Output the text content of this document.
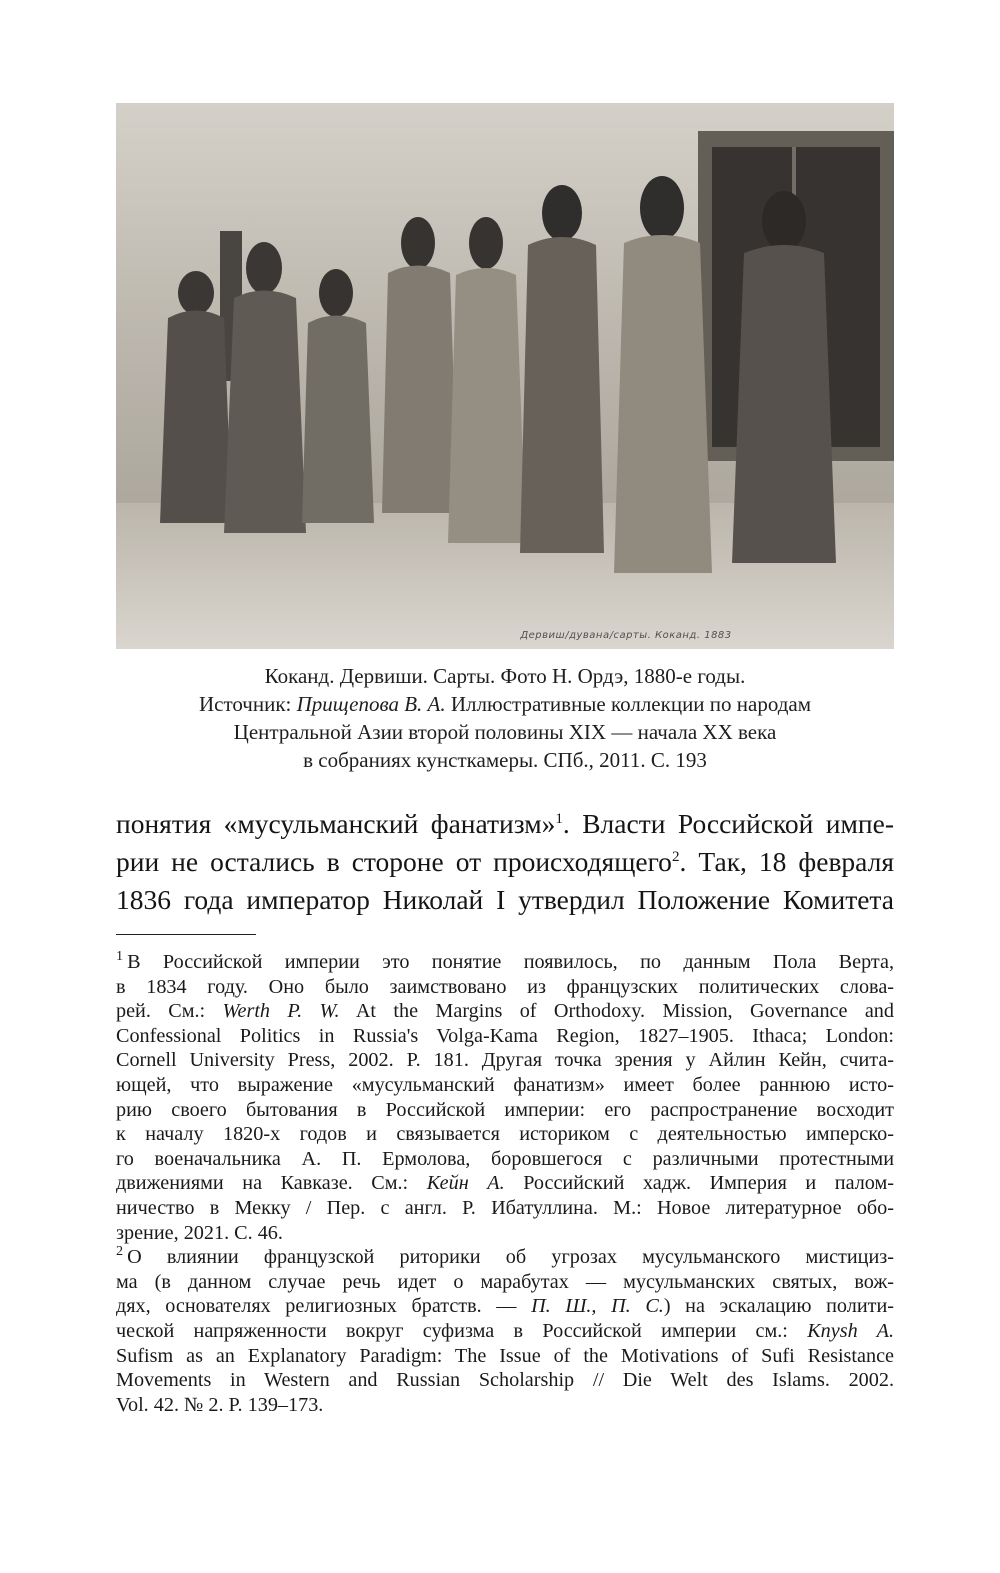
Дервиш/дувана/сарты. Коканд. 1883
Коканд. Дервиши. Сарты. Фото Н. Ордэ, 1880-е годы.
Источник: Прищепова В. А. Иллюстративные коллекции по народам
Центральной Азии второй половины XIX — начала XX века
в собраниях кунсткамеры. СПб., 2011. С. 193
понятия «мусульманский фанатизм»$^1$. Власти Российской импе-
рии не остались в стороне от происходящего$^2$. Так, 18 февраля
1836 года император Николай I утвердил Положение Комитета
$^1$ В Российской империи это понятие появилось, по данным Пола Верта,
в 1834 году. Оно было заимствовано из французских политических слова-
рей. См.: Werth P. W. At the Margins of Orthodoxy. Mission, Governance and
Confessional Politics in Russia's Volga-Kama Region, 1827–1905. Ithaca; London:
Cornell University Press, 2002. P. 181. Другая точка зрения у Айлин Кейн, счита-
ющей, что выражение «мусульманский фанатизм» имеет более раннюю исто-
рию своего бытования в Российской империи: его распространение восходит
к началу 1820-х годов и связывается историком с деятельностью имперско-
го военачальника А. П. Ермолова, боровшегося с различными протестными
движениями на Кавказе. См.: Кейн А. Российский хадж. Империя и палом-
ничество в Мекку / Пер. с англ. Р. Ибатуллина. М.: Новое литературное обо-
зрение, 2021. С. 46.
$^2$ О влиянии французской риторики об угрозах мусульманского мистициз-
ма (в данном случае речь идет о марабутах — мусульманских святых, вож-
дях, основателях религиозных братств. — П. Ш., П. С.) на эскалацию полити-
ческой напряженности вокруг суфизма в Российской империи см.: Knysh A.
Sufism as an Explanatory Paradigm: The Issue of the Motivations of Sufi Resistance
Movements in Western and Russian Scholarship // Die Welt des Islams. 2002.
Vol. 42. № 2. P. 139–173.
